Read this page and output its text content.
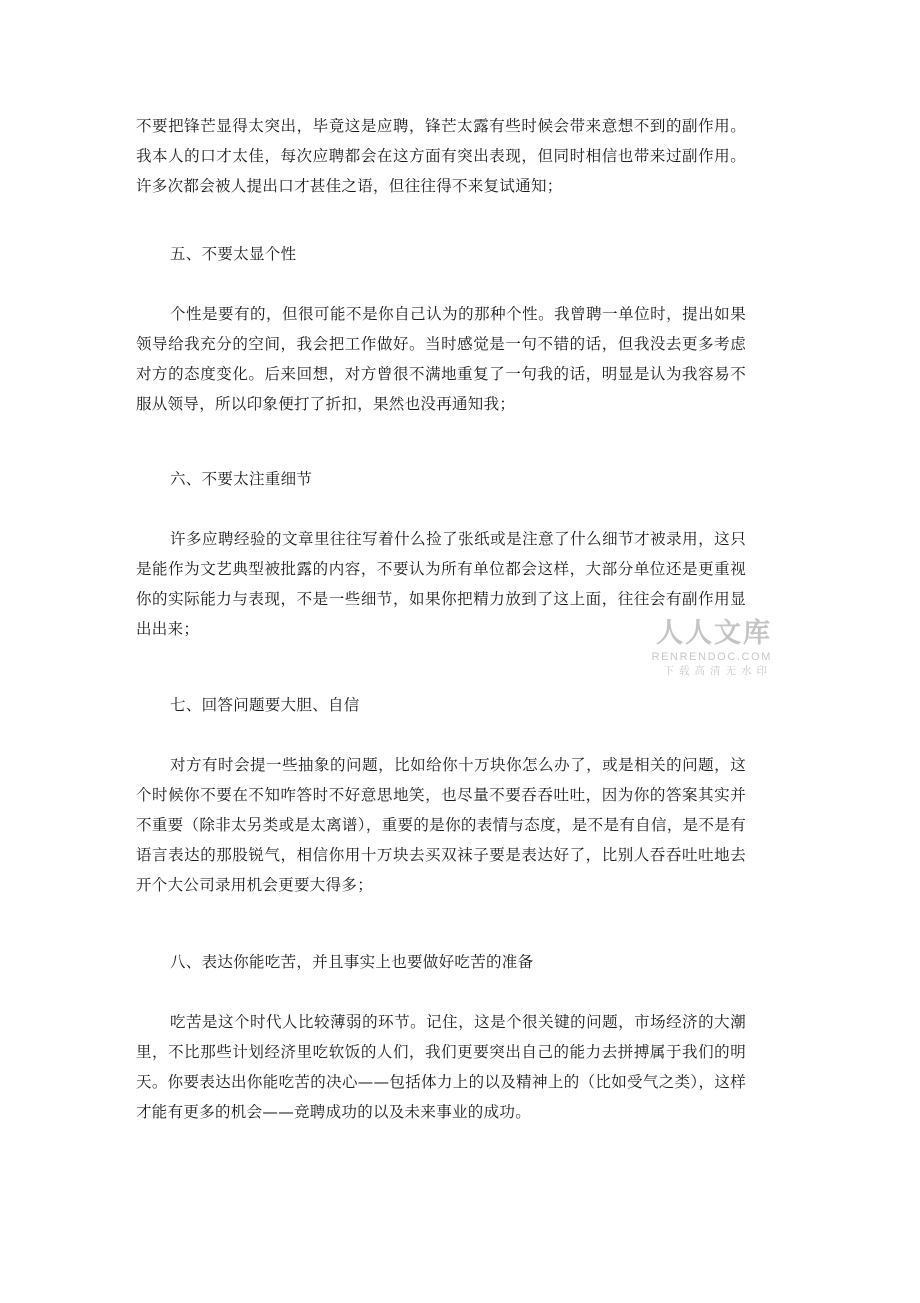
不要把锋芒显得太突出，毕竟这是应聘，锋芒太露有些时候会带来意想不到的副作用。我本人的口才太佳，每次应聘都会在这方面有突出表现，但同时相信也带来过副作用。许多次都会被人提出口才甚佳之语，但往往得不来复试通知；

五、不要太显个性

个性是要有的，但很可能不是你自己认为的那种个性。我曾聘一单位时，提出如果领导给我充分的空间，我会把工作做好。当时感觉是一句不错的话，但我没去更多考虑对方的态度变化。后来回想，对方曾很不满地重复了一句我的话，明显是认为我容易不服从领导，所以印象便打了折扣，果然也没再通知我；

六、不要太注重细节

许多应聘经验的文章里往往写着什么捡了张纸或是注意了什么细节才被录用，这只是能作为文艺典型被批露的内容，不要认为所有单位都会这样，大部分单位还是更重视你的实际能力与表现，不是一些细节，如果你把精力放到了这上面，往往会有副作用显出出来；

七、回答问题要大胆、自信

对方有时会提一些抽象的问题，比如给你十万块你怎么办了，或是相关的问题，这个时候你不要在不知咋答时不好意思地笑，也尽量不要吞吞吐吐，因为你的答案其实并不重要（除非太另类或是太离谱），重要的是你的表情与态度，是不是有自信，是不是有语言表达的那股锐气，相信你用十万块去买双袜子要是表达好了，比别人吞吞吐吐地去开个大公司录用机会更要大得多；

八、表达你能吃苦，并且事实上也要做好吃苦的准备

吃苦是这个时代人比较薄弱的环节。记住，这是个很关键的问题，市场经济的大潮里，不比那些计划经济里吃软饭的人们，我们更要突出自己的能力去拼搏属于我们的明天。你要表达出你能吃苦的决心——包括体力上的以及精神上的（比如受气之类），这样才能有更多的机会——竞聘成功的以及未来事业的成功。

人人文库
RENRENDOC.COM
下载高清无水印
